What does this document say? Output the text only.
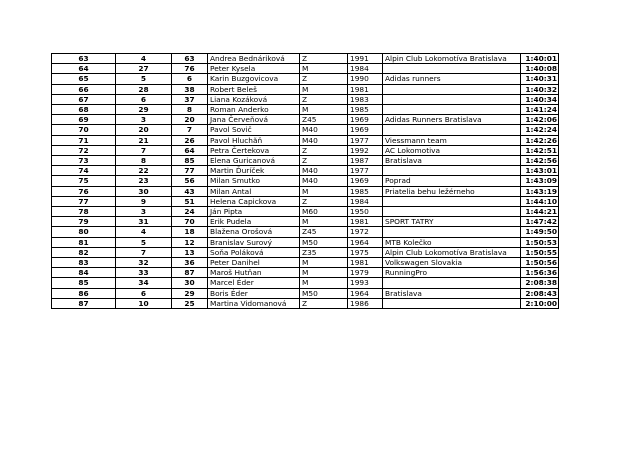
63	4	63	Andrea Bednáriková	Z	1991	Alpin Club Lokomotíva Bratislava	1:40:01
64	27	76	Peter Kysela	M	1984		1:40:08
65	5	6	Karin Buzgovicova	Z	1990	Adidas runners	1:40:31
66	28	38	Robert Beleš	M	1981		1:40:32
67	6	37	Liana Kozáková	Z	1983		1:40:34
68	29	8	Roman Anderko	M	1985		1:41:24
69	3	20	Jana Červeňová	Z45	1969	Adidas Runners Bratislava	1:42:06
70	20	7	Pavol Sovič	M40	1969		1:42:24
71	21	26	Pavol Hluchăň	M40	1977	Viessmann team	1:42:26
72	7	64	Petra Čertekova	Z	1992	AC Lokomotiva	1:42:51
73	8	85	Elena Guricanová	Z	1987	Bratislava	1:42:56
74	22	77	Martin Ďuríček	M40	1977		1:43:01
75	23	56	Milan Smutko	M40	1969	Poprad	1:43:09
76	30	43	Milan Antal	M	1985	Priatelia behu ležérneho	1:43:19
77	9	51	Helena Capickova	Z	1984		1:44:10
78	3	24	Ján Pipta	M60	1950		1:44:21
79	31	70	Erik Pudela	M	1981	SPORT TATRY	1:47:42
80	4	18	Blažena Orošová	Z45	1972		1:49:50
81	5	12	Branislav Surový	M50	1964	MTB Kolečko	1:50:53
82	7	13	Soňa Poláková	Z35	1975	Alpin Club Lokomotíva Bratislava	1:50:55
83	32	36	Peter Danihel	M	1981	Volkswagen Slovakia	1:50:56
84	33	87	Maroš Hutňan	M	1979	RunningPro	1:56:36
85	34	30	Marcel Éder	M	1993		2:08:38
86	6	29	Boris Éder	M50	1964	Bratislava	2:08:43
87	10	25	Martina Vidomanová	Z	1986		2:10:00
